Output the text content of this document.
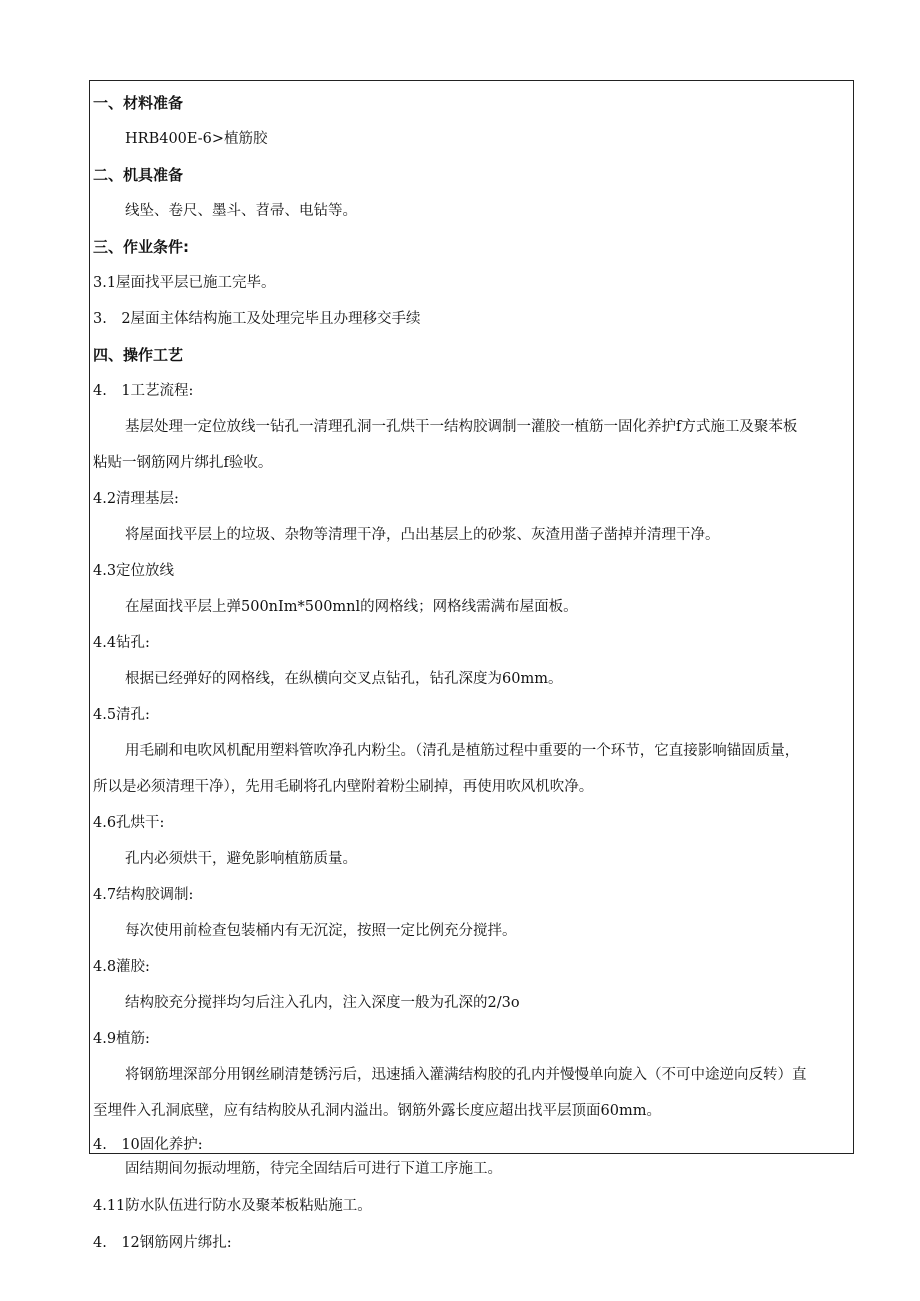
一、材料准备
HRB400E-6>植筋胶
二、机具准备
线坠、卷尺、墨斗、苕帚、电钻等。
三、作业条件:
3.1屋面找平层已施工完毕。
3.　2屋面主体结构施工及处理完毕且办理移交手续
四、操作工艺
4.　1工艺流程:
基层处理一定位放线一钻孔一清理孔洞一孔烘干一结构胶调制一灌胶一植筋一固化养护f方式施工及聚苯板
粘贴一钢筋网片绑扎f验收。
4.2清理基层:
将屋面找平层上的垃圾、杂物等清理干净，凸出基层上的砂浆、灰渣用凿子凿掉并清理干净。
4.3定位放线
在屋面找平层上弹500nIm*500mnl的网格线；网格线需满布屋面板。
4.4钻孔:
根据已经弹好的网格线，在纵横向交叉点钻孔，钻孔深度为60mm。
4.5清孔:
用毛刷和电吹风机配用塑料管吹净孔内粉尘。（清孔是植筋过程中重要的一个环节，它直接影响锚固质量，
所以是必须清理干净），先用毛刷将孔内壁附着粉尘刷掉，再使用吹风机吹净。
4.6孔烘干:
孔内必须烘干，避免影响植筋质量。
4.7结构胶调制:
每次使用前检查包装桶内有无沉淀，按照一定比例充分搅拌。
4.8灌胶:
结构胶充分搅拌均匀后注入孔内，注入深度一般为孔深的2/3o
4.9植筋:
将钢筋埋深部分用钢丝刷清楚锈污后，迅速插入灌满结构胶的孔内并慢慢单向旋入（不可中途逆向反转）直
至埋件入孔洞底壁，应有结构胶从孔洞内溢出。钢筋外露长度应超出找平层顶面60mm。
4.　10固化养护:
固结期间勿振动埋筋，待完全固结后可进行下道工序施工。
4.11防水队伍进行防水及聚苯板粘贴施工。
4.　12钢筋网片绑扎:
